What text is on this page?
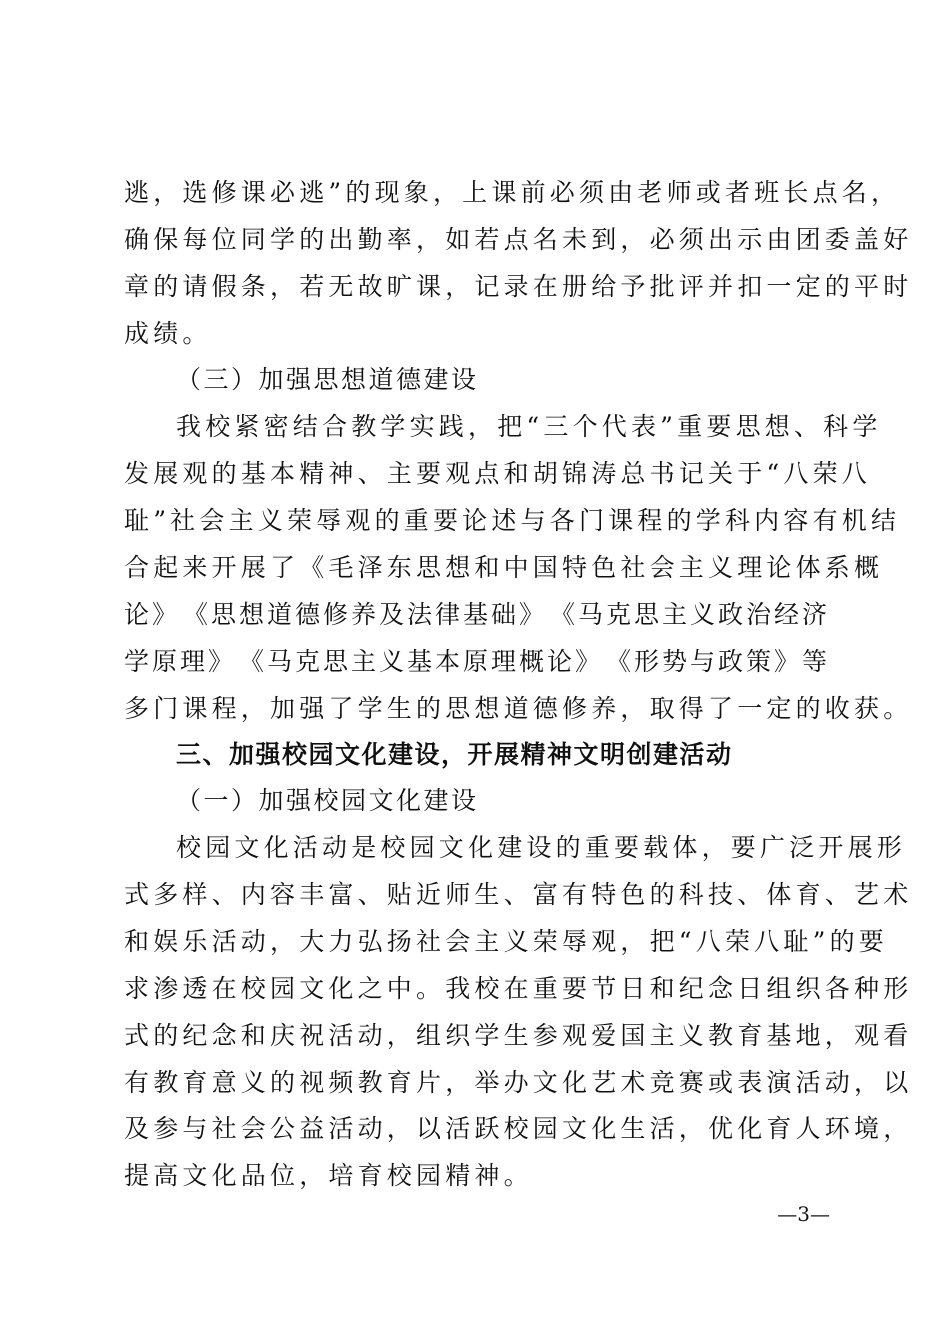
逃，选修课必逃”的现象，上课前必须由老师或者班长点名，
确保每位同学的出勤率，如若点名未到，必须出示由团委盖好
章的请假条，若无故旷课，记录在册给予批评并扣一定的平时
成绩。
（三）加强思想道德建设
我校紧密结合教学实践，把“三个代表”重要思想、科学
发展观的基本精神、主要观点和胡锦涛总书记关于“八荣八
耻”社会主义荣辱观的重要论述与各门课程的学科内容有机结
合起来开展了《毛泽东思想和中国特色社会主义理论体系概
论》 《思想道德修养及法律基础》 《马克思主义政治经济
学原理》 《马克思主义基本原理概论》 《形势与政策》等
多门课程，加强了学生的思想道德修养，取得了一定的收获。
三、加强校园文化建设，开展精神文明创建活动
（一）加强校园文化建设
校园文化活动是校园文化建设的重要载体，要广泛开展形
式多样、内容丰富、贴近师生、富有特色的科技、体育、艺术
和娱乐活动，大力弘扬社会主义荣辱观，把“八荣八耻”的要
求渗透在校园文化之中。我校在重要节日和纪念日组织各种形
式的纪念和庆祝活动，组织学生参观爱国主义教育基地，观看
有教育意义的视频教育片，举办文化艺术竞赛或表演活动，以
及参与社会公益活动，以活跃校园文化生活，优化育人环境，
提高文化品位，培育校园精神。
—3—
